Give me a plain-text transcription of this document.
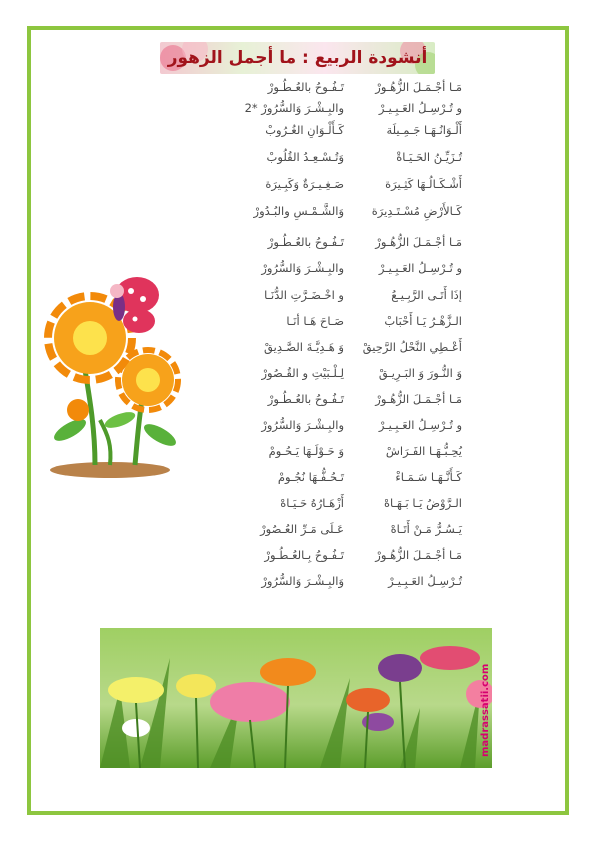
أنشودة الربيع : ما أجمل الزهور
مَـا أجْـمَـلَ الزُّهُـورْ
تَـفُـوحُ بالعُـطُـورْ
و تُـرْسِـلُ العَـبِـيـرْ
والبِـشْـرَ وَالسُّرُورْ *2
أَلْـوَانُـهَـا جَـمِـيلَة
كَـأَلْـوَانِ الغُـرُوبْ
تُـزَيِّـنُ الحَـيَـاةْ
وَتُـسْـعِـدُ القُلُوبْ
أَشْـكَـالُـهَا كَثِـيرَة
صَـغِـيـرَةٌ وَكَبِـيرَة
كَـالأَرْضِ مُسْـتَـدِيرَة
وَالشَّـمْـسِ والبُـدُورْ
مَـا أجْـمَـلَ الزُّهُـورْ
تَـفُـوحُ بالعُـطُـورْ
و تُـرْسِـلُ العَـبِـيـرْ
والبِـشْـرَ وَالسُّرُورْ
إذَا أَتَـى الرَّبِـيـعُ
و اخْـضَـرَّتِ الدُّنَـا
الـزَّهْـرُ يَـا أَحْبَابْ
صَـاحَ هَـا أنَـا
أَعْـطِي النَّحْلُ الرَّحِيقْ
وَ هَـدِيَّـةَ الصَّـدِيقْ
وَ النُّـورَ وَ البَـرِيـقْ
لِـلْـبَيْتِ و القُـصُورْ
مَـا أجْـمَـلَ الزُّهُـورْ
تَـفُـوحُ بالعُـطُـورْ
و تُـرْسِـلُ العَـبِـيـرْ
والبِـشْـرَ وَالسُّرُورْ
يُحِـبُّـهَـا الفَـرَاشْ
وَ حَـوْلَـهَا يَـحُـومْ
كَـأَنَّـهَـا سَـمَـاءْ
تَـحُـفُّـهَا نُجُـومْ
الـرَّوْضُ يَـا بَـهَـاهْ
أَزْهَـارُهُ حَـيَـاهْ
يَـسُـرُّ مَـنْ أَتَـاهْ
عَـلَى مَـرِّ العُـصُورْ
مَـا أجْـمَـلَ الزُّهُـورْ
تَـفُـوحُ بِـالعُـطُـورْ
تُـرْسِـلُ العَـبِـيـرْ
وَالبِـشْـرَ وَالسُّرُورْ
madrassatii.com
